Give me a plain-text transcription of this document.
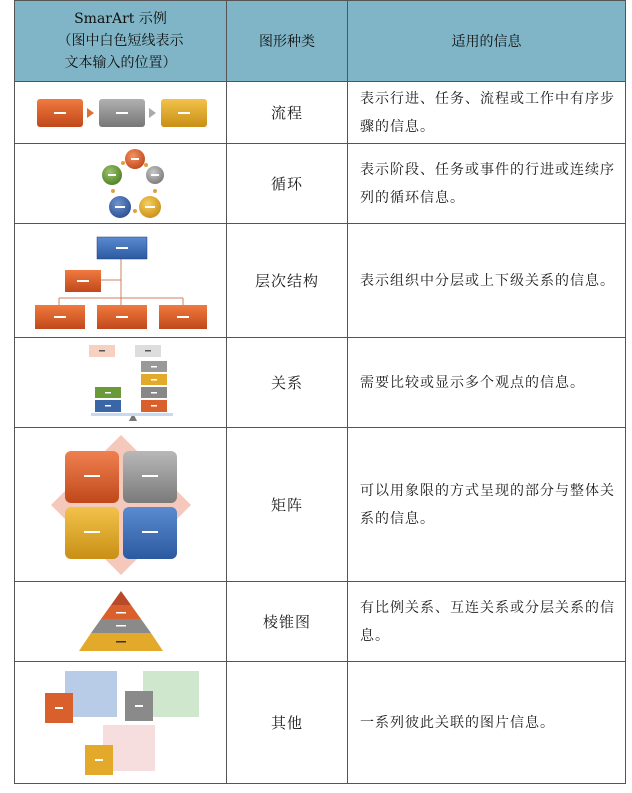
SmarArt 示例
（图中白色短线表示
文本输入的位置）	图形种类	适用的信息

	流程	表示行进、任务、流程或工作中有序步骤的信息。

	循环	表示阶段、任务或事件的行进或连续序列的循环信息。

	层次结构	表示组织中分层或上下级关系的信息。

	关系	需要比较或显示多个观点的信息。

	矩阵	可以用象限的方式呈现的部分与整体关系的信息。

	棱锥图	有比例关系、互连关系或分层关系的信息。

	其他	一系列彼此关联的图片信息。
